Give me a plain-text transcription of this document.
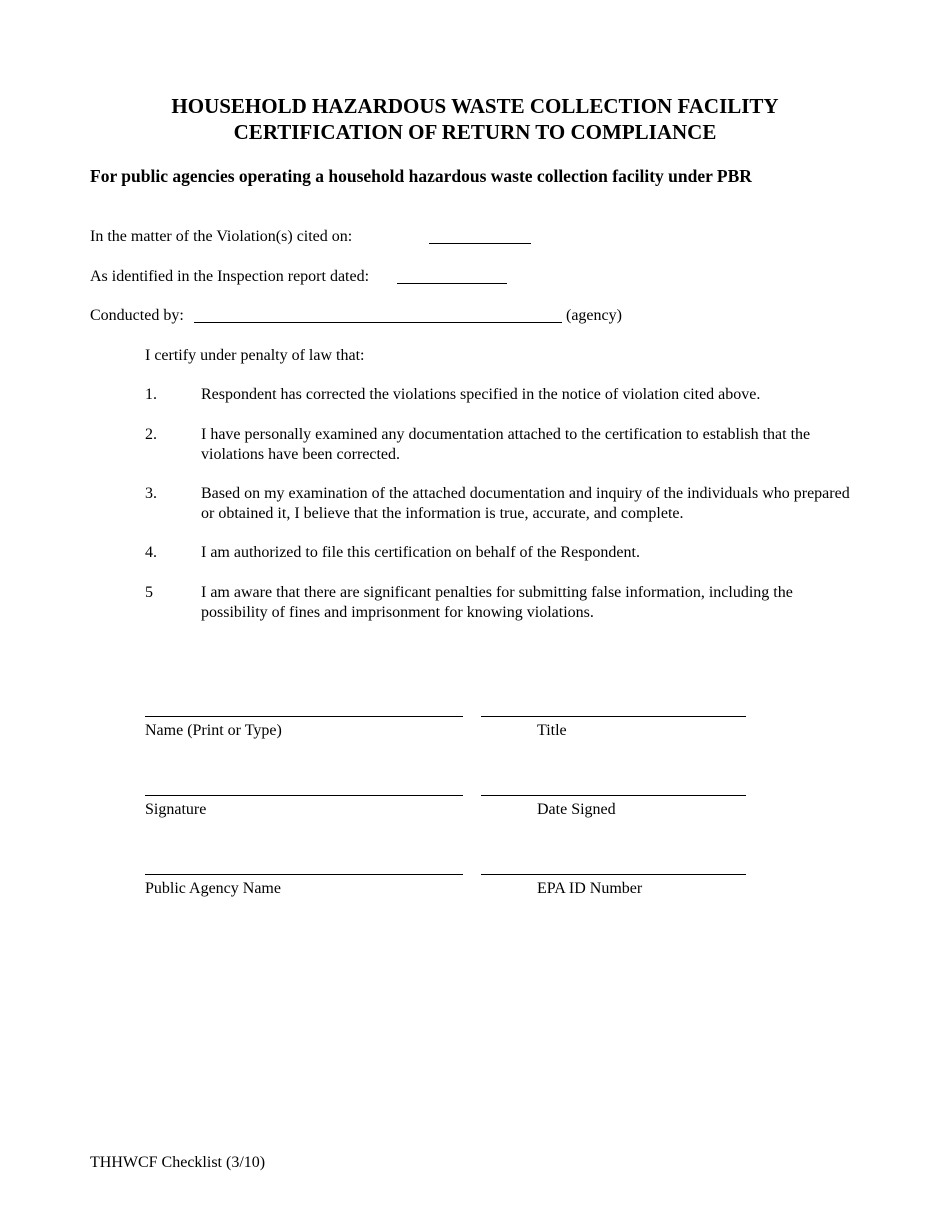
HOUSEHOLD HAZARDOUS WASTE COLLECTION FACILITY
CERTIFICATION OF RETURN TO COMPLIANCE

For public agencies operating a household hazardous waste collection facility under PBR

In the matter of the Violation(s) cited on:
As identified in the Inspection report dated:
Conducted by:	(agency)
I certify under penalty of law that:
1.	Respondent has corrected the violations specified in the notice of violation cited above.
2.	I have personally examined any documentation attached to the certification to establish that the violations have been corrected.
3.	Based on my examination of the attached documentation and inquiry of the individuals who prepared or obtained it, I believe that the information is true, accurate, and complete.
4.	I am authorized to file this certification on behalf of the Respondent.
5	I am aware that there are significant penalties for submitting false information, including the possibility of fines and imprisonment for knowing violations.
Name (Print or Type)	Title
Signature	Date Signed
Public Agency Name	EPA ID Number
THHWCF Checklist (3/10)
